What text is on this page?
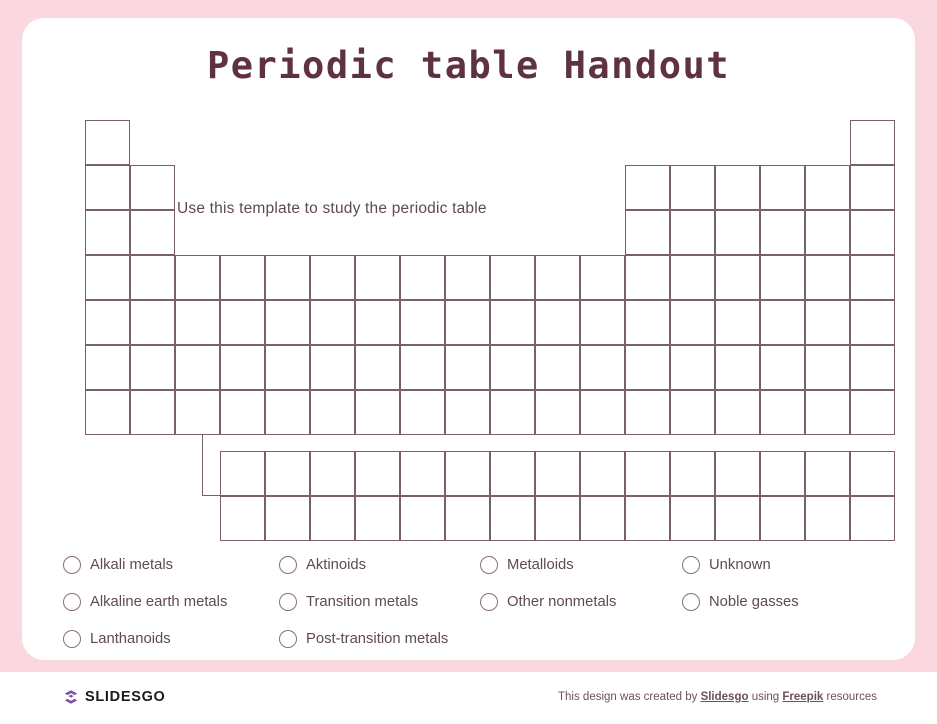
Periodic table Handout
Use this template to study the periodic table
Alkali metals	Aktinoids	Metalloids	Unknown
Alkaline earth metals	Transition metals	Other nonmetals	Noble gasses
Lanthanoids	Post-transition metals
SLIDESGO	This design was created by Slidesgo using Freepik resources
